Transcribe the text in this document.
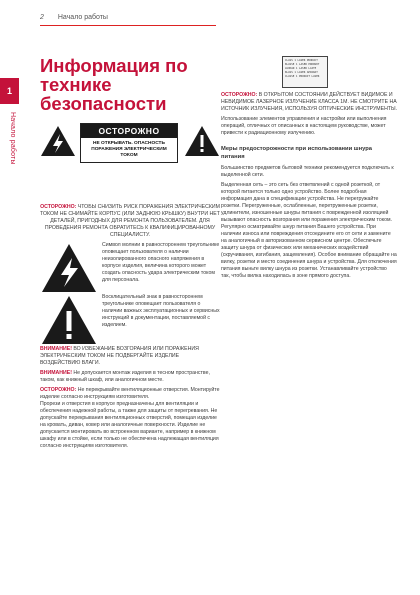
2 Начало работы
1
Начало работы
Информация по технике безопасности
ОСТОРОЖНО
НЕ ОТКРЫВАТЬ. ОПАСНОСТЬ ПОРАЖЕНИЯ ЭЛЕКТРИЧЕСКИМ ТОКОМ

ОСТОРОЖНО: ЧТОБЫ СНИЗИТЬ РИСК ПОРАЖЕНИЯ ЭЛЕКТРИЧЕСКИМ ТОКОМ НЕ СНИМАЙТЕ КОРПУС (ИЛИ ЗАДНЮЮ КРЫШКУ) ВНУТРИ НЕТ ДЕТАЛЕЙ, ПРИГОДНЫХ ДЛЯ РЕМОНТА ПОЛЬЗОВАТЕЛЕМ. ДЛЯ ПРОВЕДЕНИЯ РЕМОНТА ОБРАТИТЕСЬ К КВАЛИФИЦИРОВАННОМУ СПЕЦИАЛИСТУ.

Символ молнии в равностороннем треугольнике оповещает пользователя о наличии неизолированного опасного напряжения в корпусе изделия, величина которого может создать опасность удара электрическим током для персонала.

Восклицательный знак в равностороннем треугольнике оповещает пользователя о наличии важных эксплуатационных и сервисных инструкций в документации, поставляемой с изделием.

ВНИМАНИЕ! ВО ИЗБЕЖАНИЕ ВОЗГОРАНИЯ ИЛИ ПОРАЖЕНИЯ ЭЛЕКТРИЧЕСКИМ ТОКОМ НЕ ПОДВЕРГАЙТЕ ИЗДЕЛИЕ ВОЗДЕЙСТВИЮ ВЛАГИ.

ВНИМАНИЕ! Не допускается монтаж изделия в тесном пространстве, таком, как книжный шкаф, или аналогичном месте.

ОСТОРОЖНО: Не перекрывайте вентиляционные отверстия. Монтируйте изделие согласно инструкциям изготовителя.

Прорези и отверстия в корпусе предназначены для вентиляции и обеспечения надежной работы, а также для защиты от перегревания. Не допускайте перекрывания вентиляционных отверстий, помещая изделие на кровать, диван, ковер или аналогичные поверхности. Изделие не допускается монтировать во встроенном варианте, например в книжном шкафу или в стойке, если только не обеспечена надлежащая вентиляция согласно инструкциям изготовителя.

CLASS 1 LASER PRODUCT
KLASSE 1 LASER PRODUKT
LUOKAN 1 LASER LAITE
KLASS 1 LASER APPARAT
CLASSE 1 PRODUIT LASER

ОСТОРОЖНО: В ОТКРЫТОМ СОСТОЯНИИ ДЕЙСТВУЕТ ВИДИМОЕ И НЕВИДИМОЕ ЛАЗЕРНОЕ ИЗЛУЧЕНИЕ КЛАССА 1М. НЕ СМОТРИТЕ НА ИСТОЧНИК ИЗЛУЧЕНИЯ, ИСПОЛЬЗУЯ ОПТИЧЕСКИЕ ИНСТРУМЕНТЫ.

Использование элементов управления и настройки или выполнения операций, отличных от описанных в настоящем руководстве, может привести к радиационному излучению.

Меры предосторожности при использовании шнура питания

Большинство предметов бытовой техники рекомендуется подключать к выделенной сети.

Выделенная сеть – это сеть без ответвлений с одной розеткой, от которой питается только одно устройство. Более подробная информация дана в спецификации устройства. Не перегружайте розетки. Перегруженные, ослабленные, перетруженные розетки, удлинители, изношенные шнуры питания с поврежденной изоляцией вызывают опасность возгорания или поражения электрическим током. Регулярно осматривайте шнур питания Вашего устройства. При наличии износа или повреждения отсоедините его от сети и замените на аналогичный в авторизованном сервисном центре. Обеспечьте защиту шнура от физических или механических воздействий (скручивания, изгибания, защемления). Особое внимание обращайте на вилку, розетки и место соединения шнура и устройства. Для отключения питания выньте вилку шнура из розетки. Устанавливайте устройство так, чтобы вилка находилась в зоне прямого доступа.
